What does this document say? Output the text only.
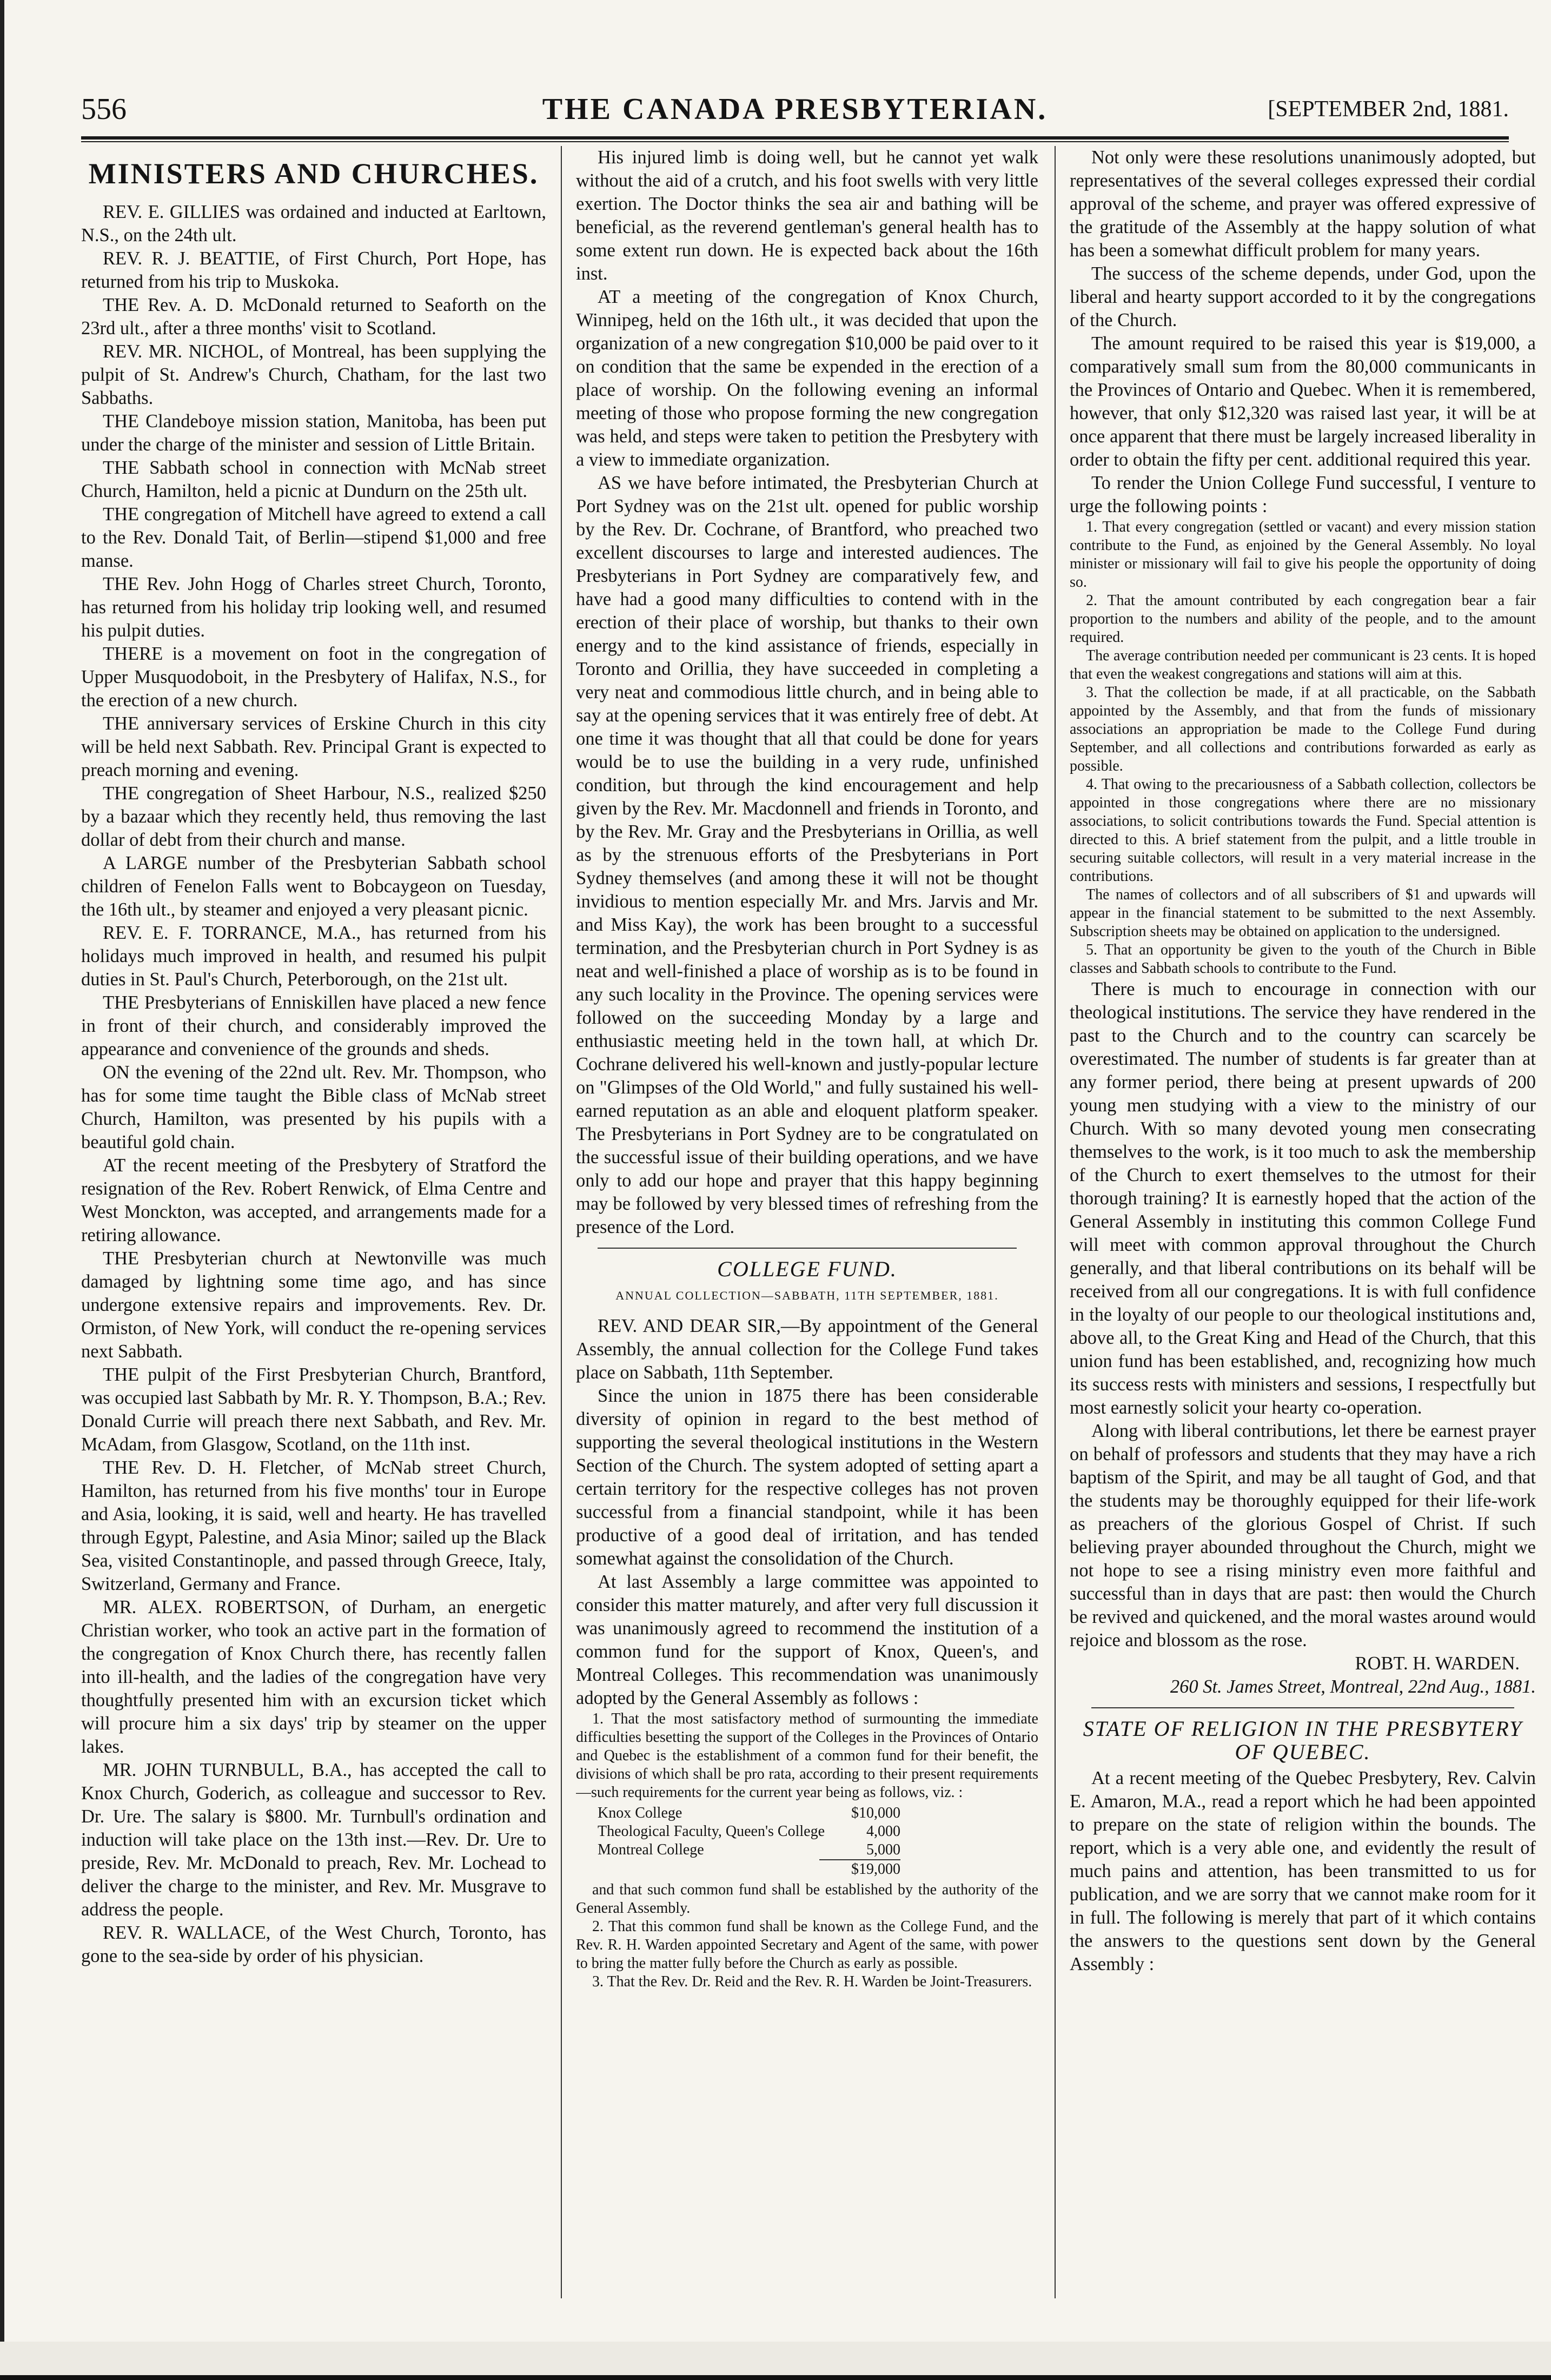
556	THE CANADA PRESBYTERIAN.	[SEPTEMBER 2nd, 1881.
MINISTERS AND CHURCHES.

REV. E. GILLIES was ordained and inducted at Earltown, N.S., on the 24th ult.

REV. R. J. BEATTIE, of First Church, Port Hope, has returned from his trip to Muskoka.

THE Rev. A. D. McDonald returned to Seaforth on the 23rd ult., after a three months' visit to Scotland.

REV. MR. NICHOL, of Montreal, has been supplying the pulpit of St. Andrew's Church, Chatham, for the last two Sabbaths.

THE Clandeboye mission station, Manitoba, has been put under the charge of the minister and session of Little Britain.

THE Sabbath school in connection with McNab street Church, Hamilton, held a picnic at Dundurn on the 25th ult.

THE congregation of Mitchell have agreed to extend a call to the Rev. Donald Tait, of Berlin—stipend $1,000 and free manse.

THE Rev. John Hogg of Charles street Church, Toronto, has returned from his holiday trip looking well, and resumed his pulpit duties.

THERE is a movement on foot in the congregation of Upper Musquodoboit, in the Presbytery of Halifax, N.S., for the erection of a new church.

THE anniversary services of Erskine Church in this city will be held next Sabbath. Rev. Principal Grant is expected to preach morning and evening.

THE congregation of Sheet Harbour, N.S., realized $250 by a bazaar which they recently held, thus removing the last dollar of debt from their church and manse.

A LARGE number of the Presbyterian Sabbath school children of Fenelon Falls went to Bobcaygeon on Tuesday, the 16th ult., by steamer and enjoyed a very pleasant picnic.

REV. E. F. TORRANCE, M.A., has returned from his holidays much improved in health, and resumed his pulpit duties in St. Paul's Church, Peterborough, on the 21st ult.

THE Presbyterians of Enniskillen have placed a new fence in front of their church, and considerably improved the appearance and convenience of the grounds and sheds.

ON the evening of the 22nd ult. Rev. Mr. Thompson, who has for some time taught the Bible class of McNab street Church, Hamilton, was presented by his pupils with a beautiful gold chain.

AT the recent meeting of the Presbytery of Stratford the resignation of the Rev. Robert Renwick, of Elma Centre and West Monckton, was accepted, and arrangements made for a retiring allowance.

THE Presbyterian church at Newtonville was much damaged by lightning some time ago, and has since undergone extensive repairs and improvements. Rev. Dr. Ormiston, of New York, will conduct the re-opening services next Sabbath.

THE pulpit of the First Presbyterian Church, Brantford, was occupied last Sabbath by Mr. R. Y. Thompson, B.A.; Rev. Donald Currie will preach there next Sabbath, and Rev. Mr. McAdam, from Glasgow, Scotland, on the 11th inst.

THE Rev. D. H. Fletcher, of McNab street Church, Hamilton, has returned from his five months' tour in Europe and Asia, looking, it is said, well and hearty. He has travelled through Egypt, Palestine, and Asia Minor; sailed up the Black Sea, visited Constantinople, and passed through Greece, Italy, Switzerland, Germany and France.

MR. ALEX. ROBERTSON, of Durham, an energetic Christian worker, who took an active part in the formation of the congregation of Knox Church there, has recently fallen into ill-health, and the ladies of the congregation have very thoughtfully presented him with an excursion ticket which will procure him a six days' trip by steamer on the upper lakes.

MR. JOHN TURNBULL, B.A., has accepted the call to Knox Church, Goderich, as colleague and successor to Rev. Dr. Ure. The salary is $800. Mr. Turnbull's ordination and induction will take place on the 13th inst.—Rev. Dr. Ure to preside, Rev. Mr. McDonald to preach, Rev. Mr. Lochead to deliver the charge to the minister, and Rev. Mr. Musgrave to address the people.

REV. R. WALLACE, of the West Church, Toronto, has gone to the sea-side by order of his physician.

His injured limb is doing well, but he cannot yet walk without the aid of a crutch, and his foot swells with very little exertion. The Doctor thinks the sea air and bathing will be beneficial, as the reverend gentleman's general health has to some extent run down. He is expected back about the 16th inst.

AT a meeting of the congregation of Knox Church, Winnipeg, held on the 16th ult., it was decided that upon the organization of a new congregation $10,000 be paid over to it on condition that the same be expended in the erection of a place of worship. On the following evening an informal meeting of those who propose forming the new congregation was held, and steps were taken to petition the Presbytery with a view to immediate organization.

AS we have before intimated, the Presbyterian Church at Port Sydney was on the 21st ult. opened for public worship by the Rev. Dr. Cochrane, of Brantford, who preached two excellent discourses to large and interested audiences. The Presbyterians in Port Sydney are comparatively few, and have had a good many difficulties to contend with in the erection of their place of worship, but thanks to their own energy and to the kind assistance of friends, especially in Toronto and Orillia, they have succeeded in completing a very neat and commodious little church, and in being able to say at the opening services that it was entirely free of debt. At one time it was thought that all that could be done for years would be to use the building in a very rude, unfinished condition, but through the kind encouragement and help given by the Rev. Mr. Macdonnell and friends in Toronto, and by the Rev. Mr. Gray and the Presbyterians in Orillia, as well as by the strenuous efforts of the Presbyterians in Port Sydney themselves (and among these it will not be thought invidious to mention especially Mr. and Mrs. Jarvis and Mr. and Miss Kay), the work has been brought to a successful termination, and the Presbyterian church in Port Sydney is as neat and well-finished a place of worship as is to be found in any such locality in the Province. The opening services were followed on the succeeding Monday by a large and enthusiastic meeting held in the town hall, at which Dr. Cochrane delivered his well-known and justly-popular lecture on "Glimpses of the Old World," and fully sustained his well-earned reputation as an able and eloquent platform speaker. The Presbyterians in Port Sydney are to be congratulated on the successful issue of their building operations, and we have only to add our hope and prayer that this happy beginning may be followed by very blessed times of refreshing from the presence of the Lord.

COLLEGE FUND.
ANNUAL COLLECTION—SABBATH, 11TH SEPTEMBER, 1881.

REV. AND DEAR SIR,—By appointment of the General Assembly, the annual collection for the College Fund takes place on Sabbath, 11th September.

Since the union in 1875 there has been considerable diversity of opinion in regard to the best method of supporting the several theological institutions in the Western Section of the Church. The system adopted of setting apart a certain territory for the respective colleges has not proven successful from a financial standpoint, while it has been productive of a good deal of irritation, and has tended somewhat against the consolidation of the Church.

At last Assembly a large committee was appointed to consider this matter maturely, and after very full discussion it was unanimously agreed to recommend the institution of a common fund for the support of Knox, Queen's, and Montreal Colleges. This recommendation was unanimously adopted by the General Assembly as follows :

1. That the most satisfactory method of surmounting the immediate difficulties besetting the support of the Colleges in the Provinces of Ontario and Quebec is the establishment of a common fund for their benefit, the divisions of which shall be pro rata, according to their present requirements—such requirements for the current year being as follows, viz. :

Knox College	$10,000
Theological Faculty, Queen's College	4,000
Montreal College	5,000
$19,000

and that such common fund shall be established by the authority of the General Assembly.

2. That this common fund shall be known as the College Fund, and the Rev. R. H. Warden appointed Secretary and Agent of the same, with power to bring the matter fully before the Church as early as possible.

3. That the Rev. Dr. Reid and the Rev. R. H. Warden be Joint-Treasurers.

Not only were these resolutions unanimously adopted, but representatives of the several colleges expressed their cordial approval of the scheme, and prayer was offered expressive of the gratitude of the Assembly at the happy solution of what has been a somewhat difficult problem for many years.

The success of the scheme depends, under God, upon the liberal and hearty support accorded to it by the congregations of the Church.

The amount required to be raised this year is $19,000, a comparatively small sum from the 80,000 communicants in the Provinces of Ontario and Quebec. When it is remembered, however, that only $12,320 was raised last year, it will be at once apparent that there must be largely increased liberality in order to obtain the fifty per cent. additional required this year.

To render the Union College Fund successful, I venture to urge the following points :

1. That every congregation (settled or vacant) and every mission station contribute to the Fund, as enjoined by the General Assembly. No loyal minister or missionary will fail to give his people the opportunity of doing so.

2. That the amount contributed by each congregation bear a fair proportion to the numbers and ability of the people, and to the amount required.

The average contribution needed per communicant is 23 cents. It is hoped that even the weakest congregations and stations will aim at this.

3. That the collection be made, if at all practicable, on the Sabbath appointed by the Assembly, and that from the funds of missionary associations an appropriation be made to the College Fund during September, and all collections and contributions forwarded as early as possible.

4. That owing to the precariousness of a Sabbath collection, collectors be appointed in those congregations where there are no missionary associations, to solicit contributions towards the Fund. Special attention is directed to this. A brief statement from the pulpit, and a little trouble in securing suitable collectors, will result in a very material increase in the contributions.

The names of collectors and of all subscribers of $1 and upwards will appear in the financial statement to be submitted to the next Assembly. Subscription sheets may be obtained on application to the undersigned.

5. That an opportunity be given to the youth of the Church in Bible classes and Sabbath schools to contribute to the Fund.

There is much to encourage in connection with our theological institutions. The service they have rendered in the past to the Church and to the country can scarcely be overestimated. The number of students is far greater than at any former period, there being at present upwards of 200 young men studying with a view to the ministry of our Church. With so many devoted young men consecrating themselves to the work, is it too much to ask the membership of the Church to exert themselves to the utmost for their thorough training? It is earnestly hoped that the action of the General Assembly in instituting this common College Fund will meet with common approval throughout the Church generally, and that liberal contributions on its behalf will be received from all our congregations. It is with full confidence in the loyalty of our people to our theological institutions and, above all, to the Great King and Head of the Church, that this union fund has been established, and, recognizing how much its success rests with ministers and sessions, I respectfully but most earnestly solicit your hearty co-operation.

Along with liberal contributions, let there be earnest prayer on behalf of professors and students that they may have a rich baptism of the Spirit, and may be all taught of God, and that the students may be thoroughly equipped for their life-work as preachers of the glorious Gospel of Christ. If such believing prayer abounded throughout the Church, might we not hope to see a rising ministry even more faithful and successful than in days that are past: then would the Church be revived and quickened, and the moral wastes around would rejoice and blossom as the rose.

ROBT. H. WARDEN.
260 St. James Street, Montreal, 22nd Aug., 1881.
STATE OF RELIGION IN THE PRESBYTERY OF QUEBEC.

At a recent meeting of the Quebec Presbytery, Rev. Calvin E. Amaron, M.A., read a report which he had been appointed to prepare on the state of religion within the bounds. The report, which is a very able one, and evidently the result of much pains and attention, has been transmitted to us for publication, and we are sorry that we cannot make room for it in full. The following is merely that part of it which contains the answers to the questions sent down by the General Assembly :
